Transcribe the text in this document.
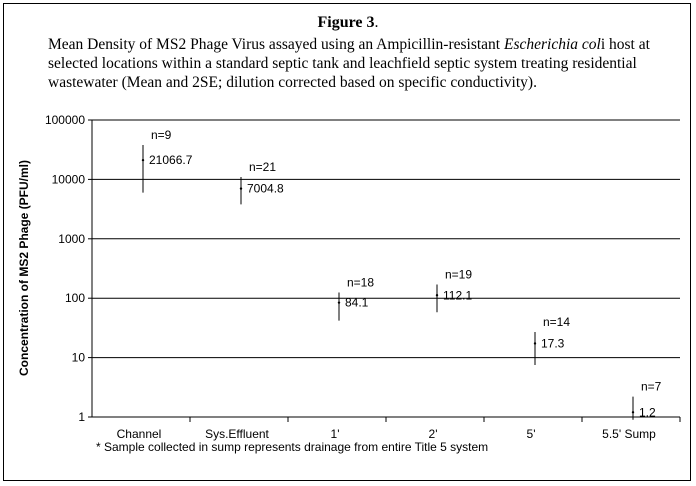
Figure 3.
Mean Density of MS2 Phage Virus assayed using an Ampicillin-resistant Escherichia coli host at selected locations within a standard septic tank and leachfield septic system treating residential wastewater (Mean and 2SE; dilution corrected based on specific conductivity).
1
10
100
1000
10000
100000
Channel	Sys.Effluent	1'	2'	5'	5.5' Sump
21066.7
n=9
7004.8
n=21
84.1
n=18
112.1
n=19
17.3
n=14
1.2
n=7
Concentration of MS2 Phage (PFU/ml)
* Sample collected in sump represents drainage from entire Title 5 system
